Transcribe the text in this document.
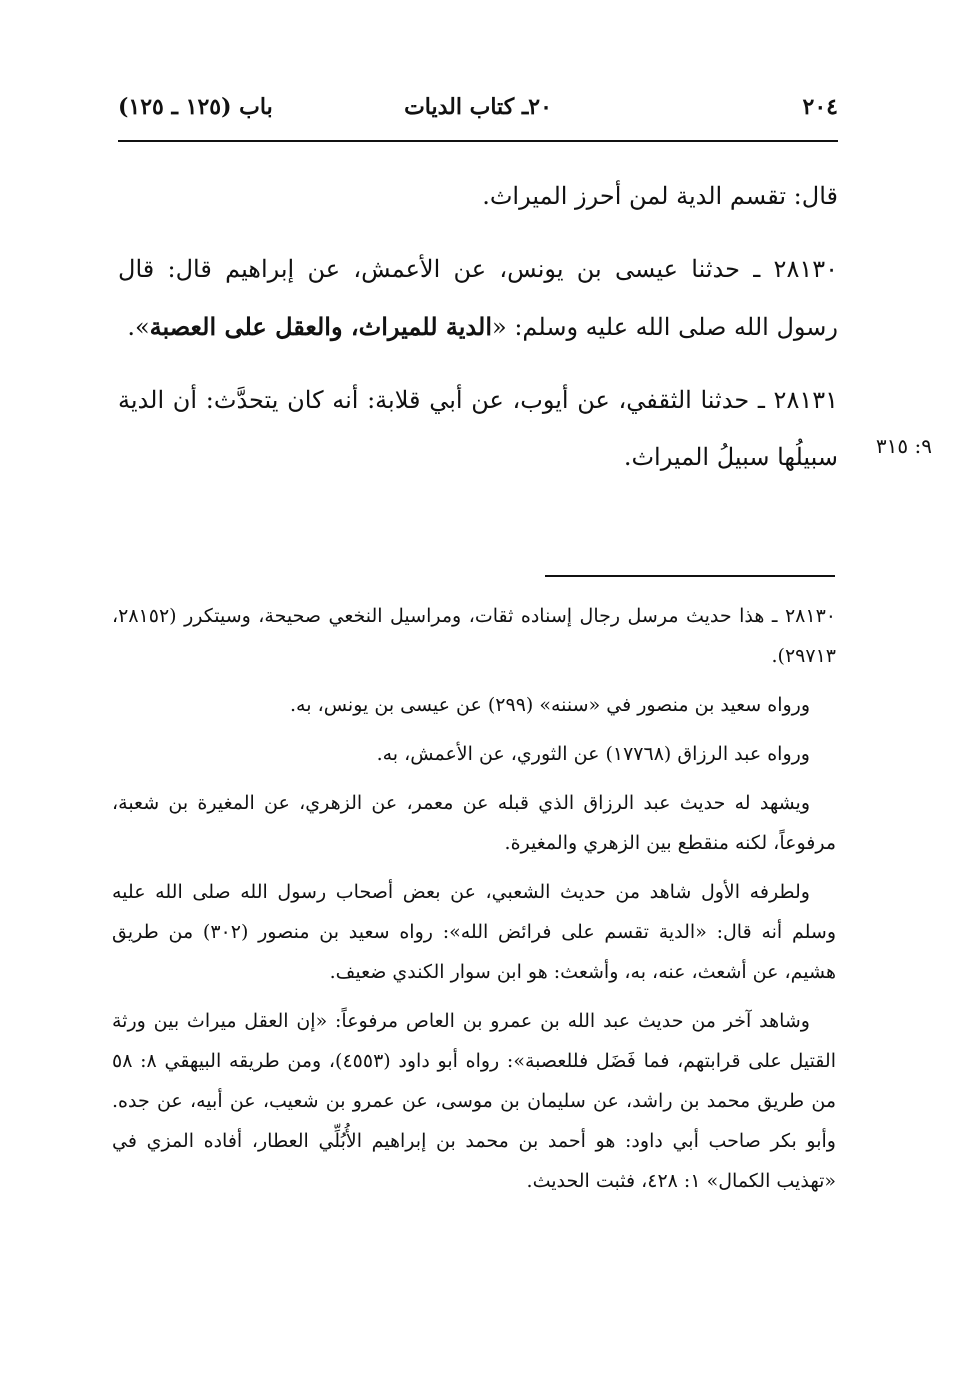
٢٠٤
٢٠ـ كتاب الديات
باب (١٢٥ ـ ١٢٥)

قال: تقسم الدية لمن أحرز الميراث.

٢٨١٣٠ ـ حدثنا عيسى بن يونس، عن الأعمش، عن إبراهيم قال: قال رسول الله صلى الله عليه وسلم: «الدية للميراث، والعقل على العصبة».

٢٨١٣١ ـ حدثنا الثقفي، عن أيوب، عن أبي قلابة: أنه كان يتحدَّث: أن الدية سبيلُها سبيلُ الميراث.	٩: ٣١٥

٢٨١٣٠ ـ هذا حديث مرسل رجال إسناده ثقات، ومراسيل النخعي صحيحة، وسيتكرر (٢٨١٥٢، ٢٩٧١٣).

ورواه سعيد بن منصور في «سننه» (٢٩٩) عن عيسى بن يونس، به.

ورواه عبد الرزاق (١٧٧٦٨) عن الثوري، عن الأعمش، به.

ويشهد له حديث عبد الرزاق الذي قبله عن معمر، عن الزهري، عن المغيرة بن شعبة، مرفوعاً، لكنه منقطع بين الزهري والمغيرة.

ولطرفه الأول شاهد من حديث الشعبي، عن بعض أصحاب رسول الله صلى الله عليه وسلم أنه قال: «الدية تقسم على فرائض الله»: رواه سعيد بن منصور (٣٠٢) من طريق هشيم، عن أشعث، عنه، به، وأشعث: هو ابن سوار الكندي ضعيف.

وشاهد آخر من حديث عبد الله بن عمرو بن العاص مرفوعاً: «إن العقل ميراث بين ورثة القتيل على قرابتهم، فما فَضَل فللعصبة»: رواه أبو داود (٤٥٥٣)، ومن طريقه البيهقي ٨: ٥٨ من طريق محمد بن راشد، عن سليمان بن موسى، عن عمرو بن شعيب، عن أبيه، عن جده. وأبو بكر صاحب أبي داود: هو أحمد بن محمد بن إبراهيم الأُبُلِّي العطار، أفاده المزي في «تهذيب الكمال» ١: ٤٢٨، فثبت الحديث.
